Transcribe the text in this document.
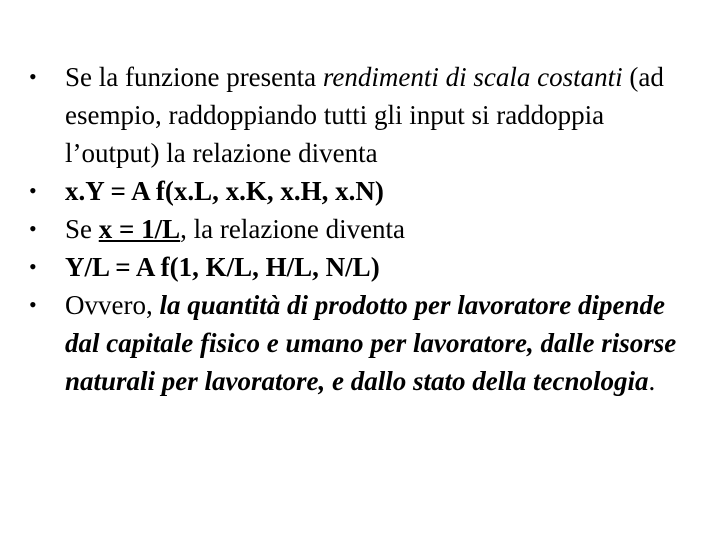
•	Se la funzione presenta rendimenti di scala costanti (ad esempio, raddoppiando tutti gli input si raddoppia l’output) la relazione diventa
•	x.Y = A f(x.L, x.K, x.H, x.N)
•	Se x = 1/L, la relazione diventa
•	Y/L = A f(1, K/L, H/L, N/L)
•	Ovvero, la quantità di prodotto per lavoratore dipende dal capitale fisico e umano per lavoratore, dalle risorse naturali per lavoratore, e dallo stato della tecnologia.
